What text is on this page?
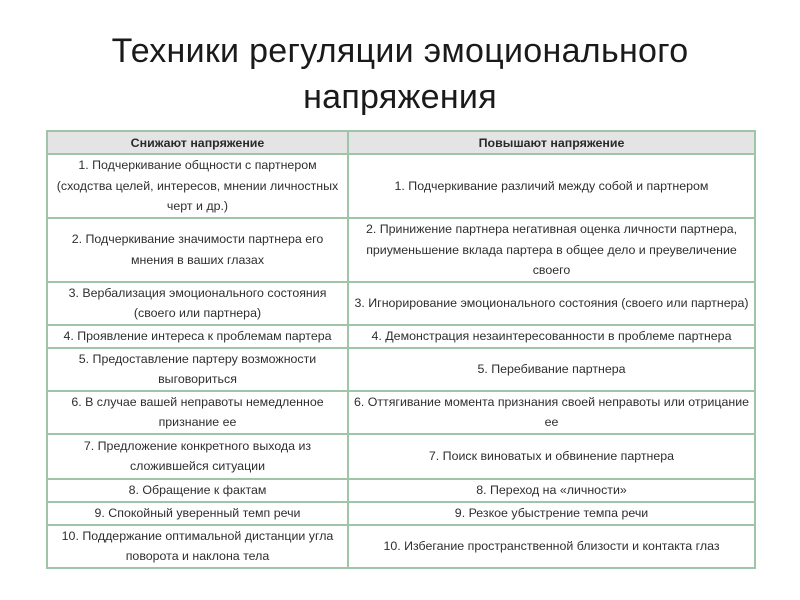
Техники регуляции эмоционального
напряжения
Снижают напряжение	Повышают напряжение
1. Подчеркивание общности с партнером (сходства целей, интересов, мнении личностных черт и др.)	1. Подчеркивание различий между собой и партнером
2. Подчеркивание значимости партнера его мнения в ваших глазах	2. Принижение партнера негативная оценка личности партнера, приуменьшение вклада партера в общее дело и преувеличение своего
3. Вербализация эмоционального состояния (своего или партнера)	3. Игнорирование эмоционального состояния (своего или партнера)
4. Проявление интереса к проблемам партера	4. Демонстрация незаинтересованности в проблеме партнера
5. Предоставление партеру возможности выговориться	5. Перебивание партнера
6. В случае вашей неправоты немедленное признание ее	6. Оттягивание момента признания своей неправоты или отрицание ее
7. Предложение конкретного выхода из сложившейся ситуации	7. Поиск виноватых и обвинение партнера
8. Обращение к фактам	8. Переход на «личности»
9. Спокойный уверенный темп речи	9. Резкое убыстрение темпа речи
10. Поддержание оптимальной дистанции угла поворота и наклона тела	10. Избегание пространственной близости и контакта глаз
